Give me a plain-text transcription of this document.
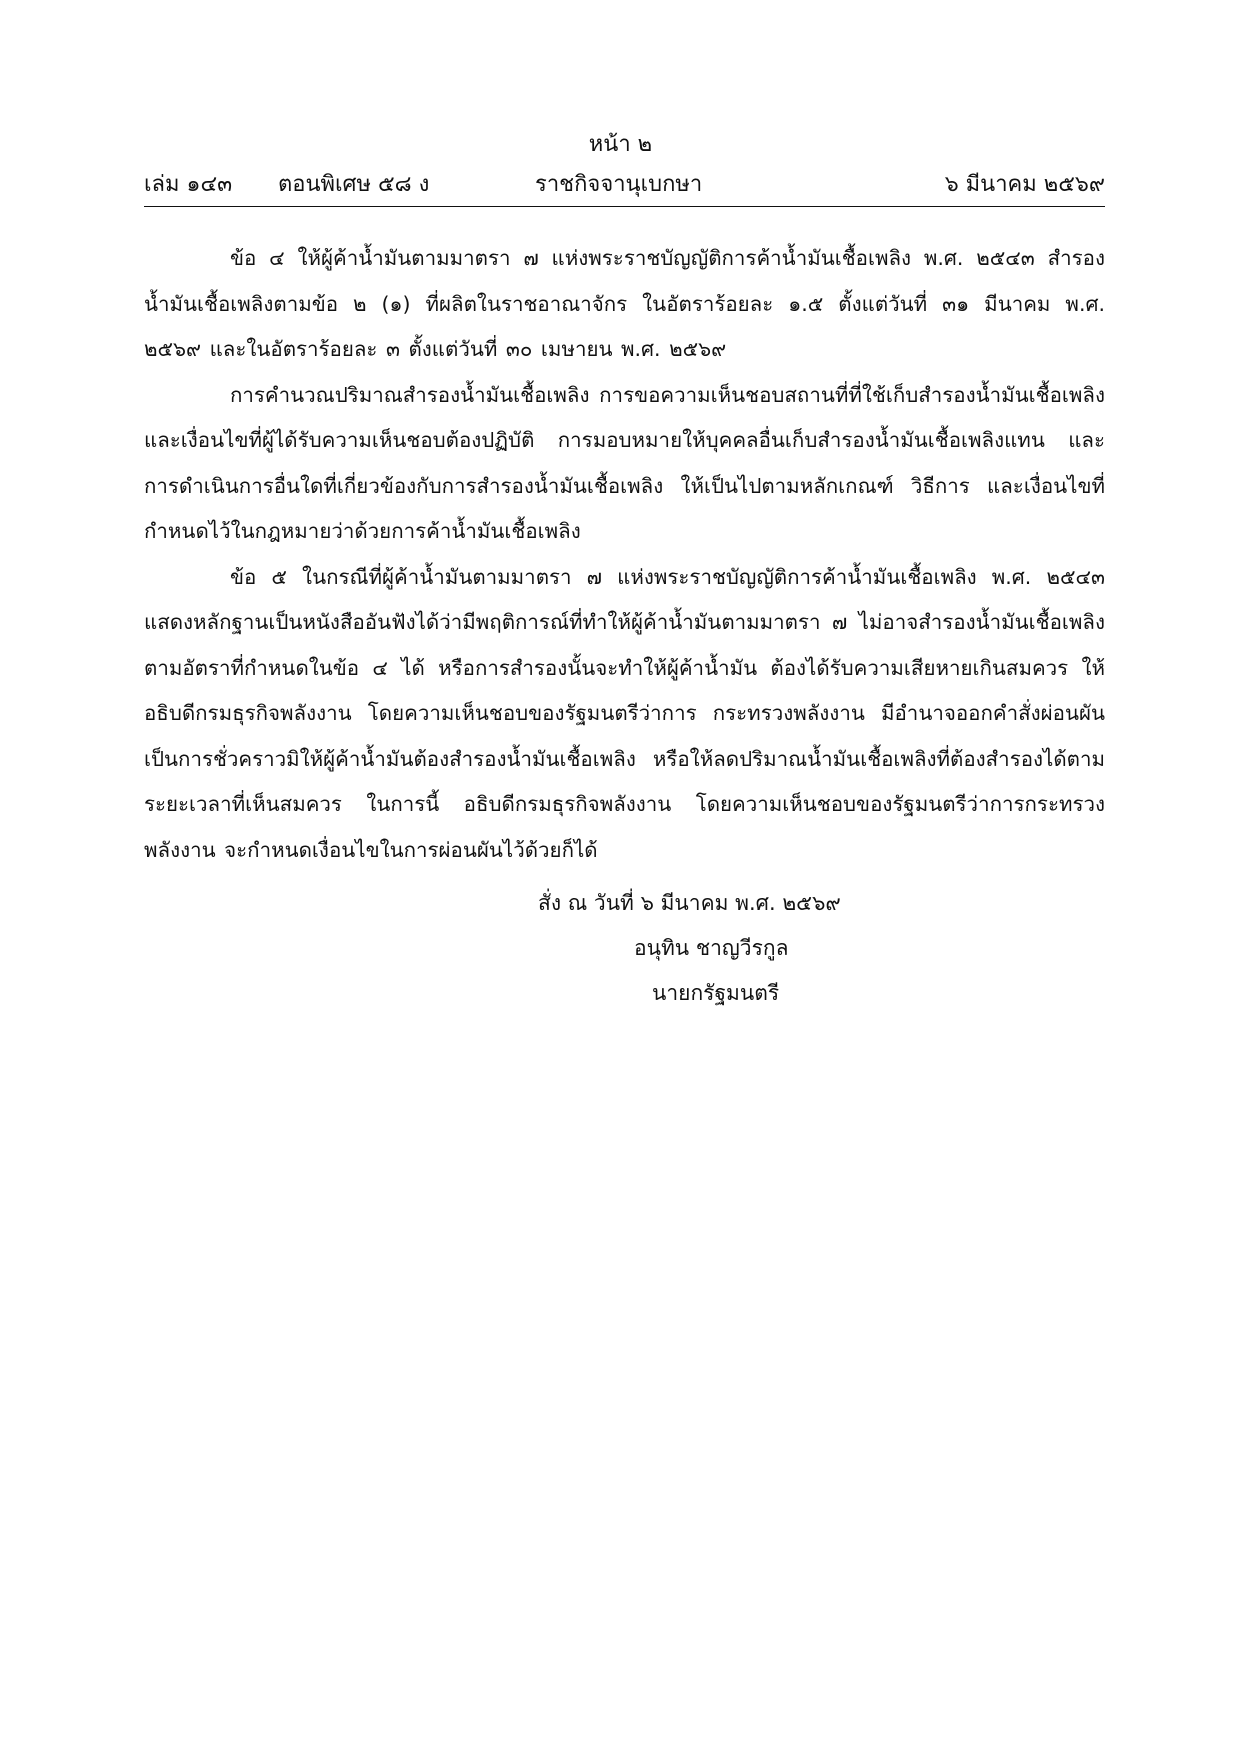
หน้า ๒
เล่ม ๑๔๓ ตอนพิเศษ ๕๘ ง	ราชกิจจานุเบกษา	๖ มีนาคม ๒๕๖๙

ข้อ ๔ ให้ผู้ค้าน้ำมันตามมาตรา ๗ แห่งพระราชบัญญัติการค้าน้ำมันเชื้อเพลิง พ.ศ. ๒๕๔๓ สำรองน้ำมันเชื้อเพลิงตามข้อ ๒ (๑) ที่ผลิตในราชอาณาจักร ในอัตราร้อยละ ๑.๕ ตั้งแต่วันที่ ๓๑ มีนาคม พ.ศ. ๒๕๖๙ และในอัตราร้อยละ ๓ ตั้งแต่วันที่ ๓๐ เมษายน พ.ศ. ๒๕๖๙

การคำนวณปริมาณสำรองน้ำมันเชื้อเพลิง การขอความเห็นชอบสถานที่ที่ใช้เก็บสำรองน้ำมันเชื้อเพลิง และเงื่อนไขที่ผู้ได้รับความเห็นชอบต้องปฏิบัติ การมอบหมายให้บุคคลอื่นเก็บสำรองน้ำมันเชื้อเพลิงแทน และการดำเนินการอื่นใดที่เกี่ยวข้องกับการสำรองน้ำมันเชื้อเพลิง ให้เป็นไปตามหลักเกณฑ์ วิธีการ และเงื่อนไขที่กำหนดไว้ในกฎหมายว่าด้วยการค้าน้ำมันเชื้อเพลิง

ข้อ ๕ ในกรณีที่ผู้ค้าน้ำมันตามมาตรา ๗ แห่งพระราชบัญญัติการค้าน้ำมันเชื้อเพลิง พ.ศ. ๒๕๔๓ แสดงหลักฐานเป็นหนังสืออันฟังได้ว่ามีพฤติการณ์ที่ทำให้ผู้ค้าน้ำมันตามมาตรา ๗ ไม่อาจสำรองน้ำมันเชื้อเพลิงตามอัตราที่กำหนดในข้อ ๔ ได้ หรือการสำรองนั้นจะทำให้ผู้ค้าน้ำมัน ต้องได้รับความเสียหายเกินสมควร ให้อธิบดีกรมธุรกิจพลังงาน โดยความเห็นชอบของรัฐมนตรีว่าการ กระทรวงพลังงาน มีอำนาจออกคำสั่งผ่อนผันเป็นการชั่วคราวมิให้ผู้ค้าน้ำมันต้องสำรองน้ำมันเชื้อเพลิง หรือให้ลดปริมาณน้ำมันเชื้อเพลิงที่ต้องสำรองได้ตามระยะเวลาที่เห็นสมควร ในการนี้ อธิบดีกรมธุรกิจพลังงาน โดยความเห็นชอบของรัฐมนตรีว่าการกระทรวงพลังงาน จะกำหนดเงื่อนไขในการผ่อนผันไว้ด้วยก็ได้

สั่ง ณ วันที่ ๖ มีนาคม พ.ศ. ๒๕๖๙
อนุทิน ชาญวีรกูล
นายกรัฐมนตรี
